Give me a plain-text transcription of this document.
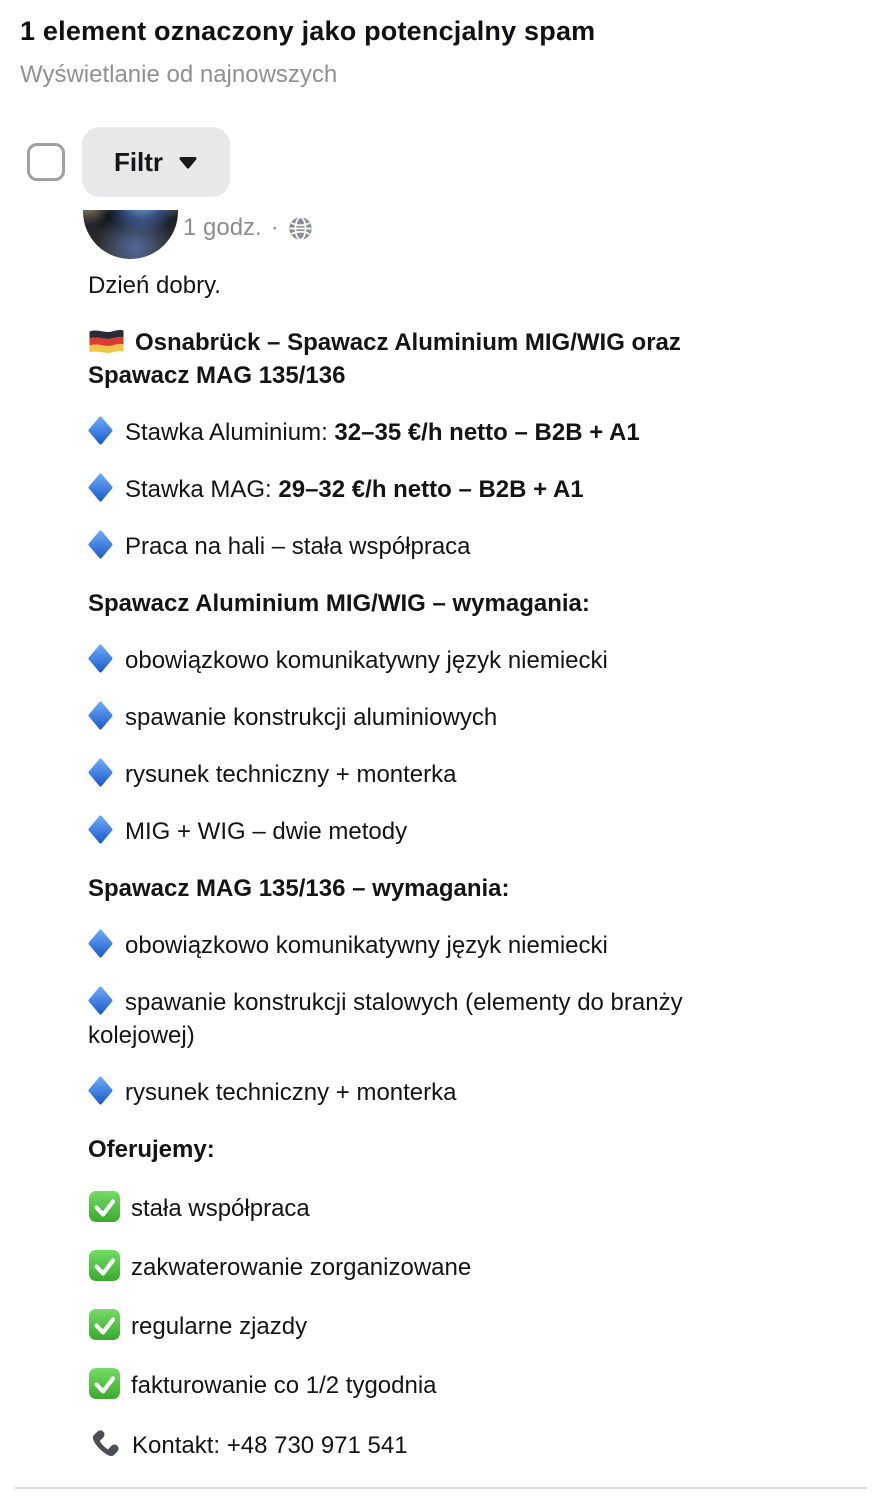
1 element oznaczony jako potencjalny spam
Wyświetlanie od najnowszych
Filtr
1 godz. ·

Dzień dobry.

Osnabrück – Spawacz Aluminium MIG/WIG oraz Spawacz MAG 135/136

Stawka Aluminium: 32–35 €/h netto – B2B + A1

Stawka MAG: 29–32 €/h netto – B2B + A1

Praca na hali – stała współpraca

Spawacz Aluminium MIG/WIG – wymagania:

obowiązkowo komunikatywny język niemiecki

spawanie konstrukcji aluminiowych

rysunek techniczny + monterka

MIG + WIG – dwie metody

Spawacz MAG 135/136 – wymagania:

obowiązkowo komunikatywny język niemiecki

spawanie konstrukcji stalowych (elementy do branży kolejowej)

rysunek techniczny + monterka

Oferujemy:

stała współpraca

zakwaterowanie zorganizowane

regularne zjazdy

fakturowanie co 1/2 tygodnia

Kontakt: +48 730 971 541
